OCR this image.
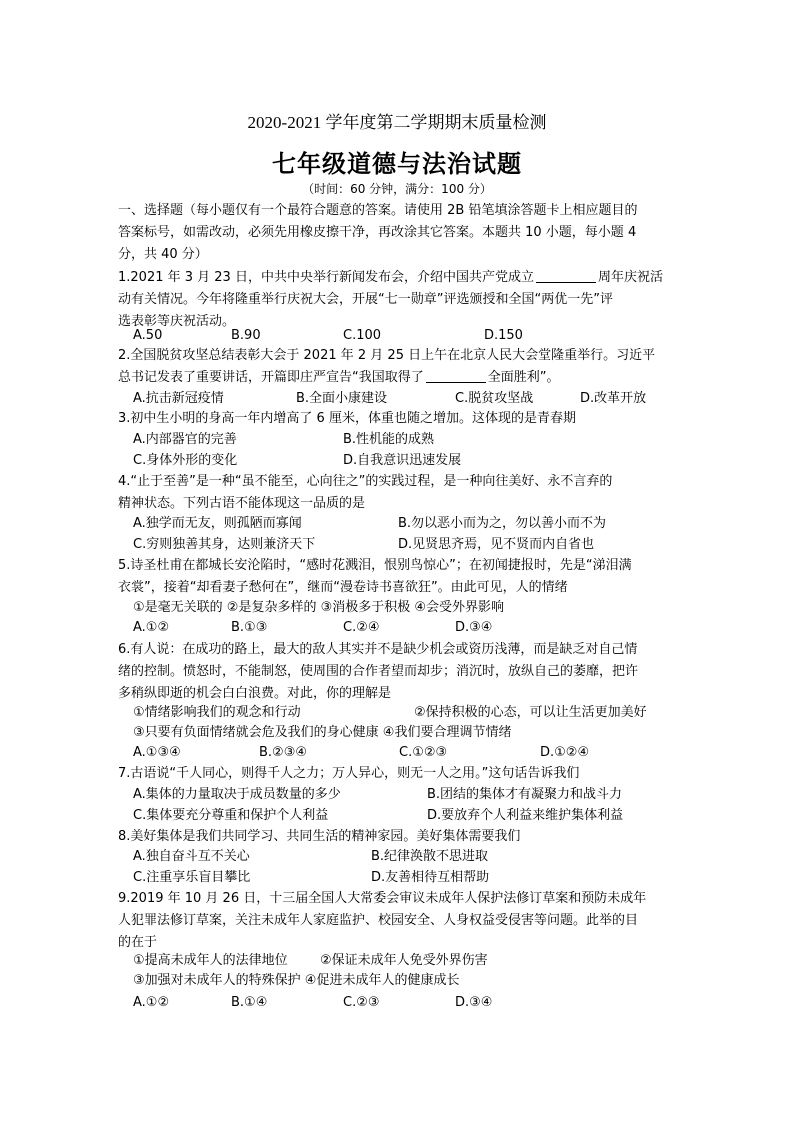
2020-2021 学年度第二学期期末质量检测
七年级道德与法治试题
（时间：60 分钟，满分：100 分）
一、选择题（每小题仅有一个最符合题意的答案。请使用 2B 铅笔填涂答题卡上相应题目的
答案标号，如需改动，必须先用橡皮擦干净，再改涂其它答案。本题共 10 小题，每小题 4
分，共 40 分）
1.2021 年 3 月 23 日，中共中央举行新闻发布会，介绍中国共产党成立	周年庆祝活
动有关情况。今年将隆重举行庆祝大会，开展“七一勋章”评选颁授和全国“两优一先”评
选表彰等庆祝活动。
A.50	B.90	C.100	D.150
2.全国脱贫攻坚总结表彰大会于 2021 年 2 月 25 日上午在北京人民大会堂隆重举行。习近平
总书记发表了重要讲话，开篇即庄严宣告“我国取得了	全面胜利”。
A.抗击新冠疫情	B.全面小康建设	C.脱贫攻坚战	D.改革开放
3.初中生小明的身高一年内增高了 6 厘米，体重也随之增加。这体现的是青春期
A.内部器官的完善	B.性机能的成熟
C.身体外形的变化	D.自我意识迅速发展
4.“止于至善”是一种“虽不能至，心向往之”的实践过程，是一种向往美好、永不言弃的
精神状态。下列古语不能体现这一品质的是
A.独学而无友，则孤陋而寡闻	B.勿以恶小而为之，勿以善小而不为
C.穷则独善其身，达则兼济天下	D.见贤思齐焉，见不贤而内自省也
5.诗圣杜甫在都城长安沦陷时，“感时花溅泪，恨别鸟惊心”；在初闻捷报时，先是“涕泪满
衣裳”，接着“却看妻子愁何在”，继而“漫卷诗书喜欲狂”。由此可见，人的情绪
①是毫无关联的 ②是复杂多样的 ③消极多于积极 ④会受外界影响
A.①②	B.①③	C.②④	D.③④
6.有人说：在成功的路上，最大的敌人其实并不是缺少机会或资历浅薄，而是缺乏对自己情
绪的控制。愤怒时，不能制怒，使周围的合作者望而却步；消沉时，放纵自己的萎靡，把许
多稍纵即逝的机会白白浪费。对此，你的理解是
①情绪影响我们的观念和行动	②保持积极的心态，可以让生活更加美好
③只要有负面情绪就会危及我们的身心健康 ④我们要合理调节情绪
A.①③④	B.②③④	C.①②③	D.①②④
7.古语说“千人同心，则得千人之力；万人异心，则无一人之用。”这句话告诉我们
A.集体的力量取决于成员数量的多少	B.团结的集体才有凝聚力和战斗力
C.集体要充分尊重和保护个人利益	D.要放弃个人利益来维护集体利益
8.美好集体是我们共同学习、共同生活的精神家园。美好集体需要我们
A.独自奋斗互不关心	B.纪律涣散不思进取
C.注重享乐盲目攀比	D.友善相待互相帮助
9.2019 年 10 月 26 日，十三届全国人大常委会审议未成年人保护法修订草案和预防未成年
人犯罪法修订草案，关注未成年人家庭监护、校园安全、人身权益受侵害等问题。此举的目
的在于
①提高未成年人的法律地位 ②保证未成年人免受外界伤害
③加强对未成年人的特殊保护 ④促进未成年人的健康成长
A.①②	B.①④	C.②③	D.③④
